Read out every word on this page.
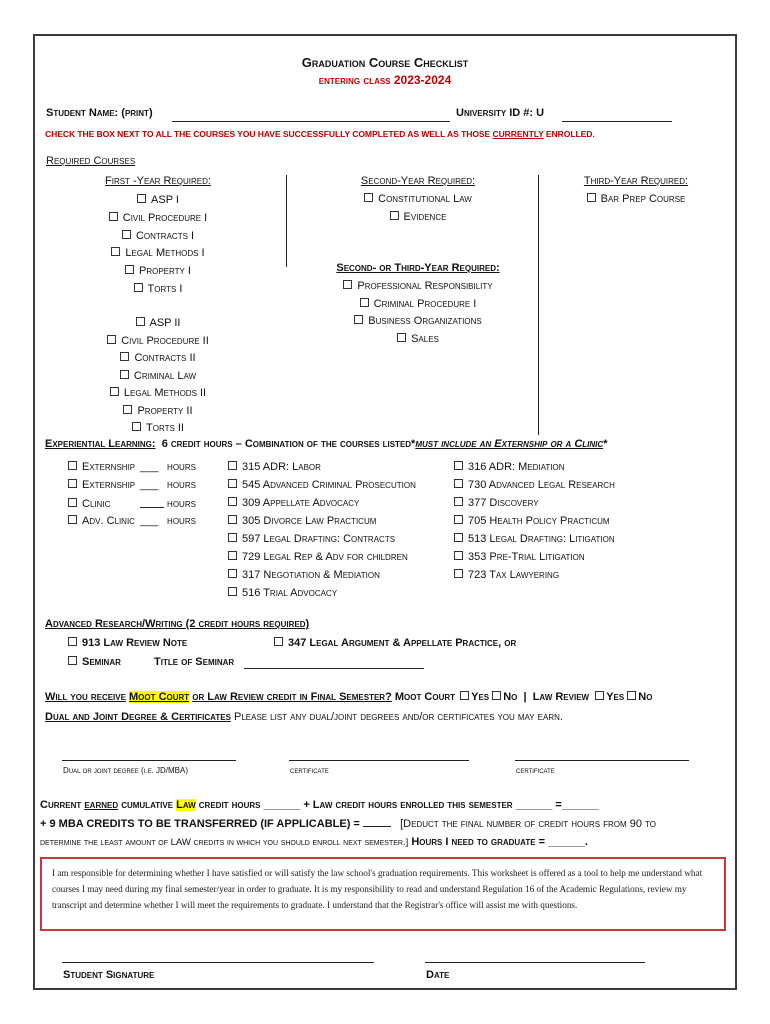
Graduation Course Checklist
entering class 2023-2024
Student Name: (print)	University ID #: U
CHECK THE BOX NEXT TO ALL THE COURSES YOU HAVE SUCCESSFULLY COMPLETED AS WELL AS THOSE CURRENTLY ENROLLED.
Required Courses
First -Year Required:
ASP I
Civil Procedure I
Contracts I
Legal Methods I
Property I
Torts I
ASP II
Civil Procedure II
Contracts II
Criminal Law
Legal Methods II
Property II
Torts II
Second-Year Required:
Constitutional Law
Evidence
Second- or Third-Year Required:
Professional Responsibility
Criminal Procedure I
Business Organizations
Sales
Third-Year Required:
Bar Prep Course
Experiential Learning: 6 credit hours – Combination of the courses listed*must include an Externship or a Clinic*
Externship ___ hours
Externship ___ hours
Clinic	hours
Adv. Clinic ___ hours
315 ADR: Labor
545 Advanced Criminal Prosecution
309 Appellate Advocacy
305 Divorce Law Practicum
597 Legal Drafting: Contracts
729 Legal Rep & Adv for children
317 Negotiation & Mediation
516 Trial Advocacy
316 ADR: Mediation
730 Advanced Legal Research
377 Discovery
705 Health Policy Practicum
513 Legal Drafting: Litigation
353 Pre-Trial Litigation
723 Tax Lawyering
Advanced Research/Writing (2 credit hours required)
913 Law Review Note	347 Legal Argument & Appellate Practice, or
Seminar	Title of Seminar
Will you receive Moot Court or Law Review credit in Final Semester? Moot Court Yes No | Law Review Yes No
Dual and Joint Degree & Certificates Please list any dual/joint degrees and/or certificates you may earn.
Dual or joint degree (i.e. JD/MBA)	certificate	certificate
Current earned cumulative Law credit hours ______ + Law credit hours enrolled this semester ______ =______
+ 9 MBA CREDITS TO BE TRANSFERRED (IF APPLICABLE) =	[Deduct the final number of credit hours from 90 to
determine the least amount of LAW credits in which you should enroll next semester.] Hours I need to graduate = ______.
I am responsible for determining whether I have satisfied or will satisfy the law school's graduation requirements. This worksheet is offered as a tool to help me understand what courses I may need during my final semester/year in order to graduate. It is my responsibility to read and understand Regulation 16 of the Academic Regulations, review my transcript and determine whether I will meet the requirements to graduate. I understand that the Registrar's office will assist me with questions.
Student Signature	Date
